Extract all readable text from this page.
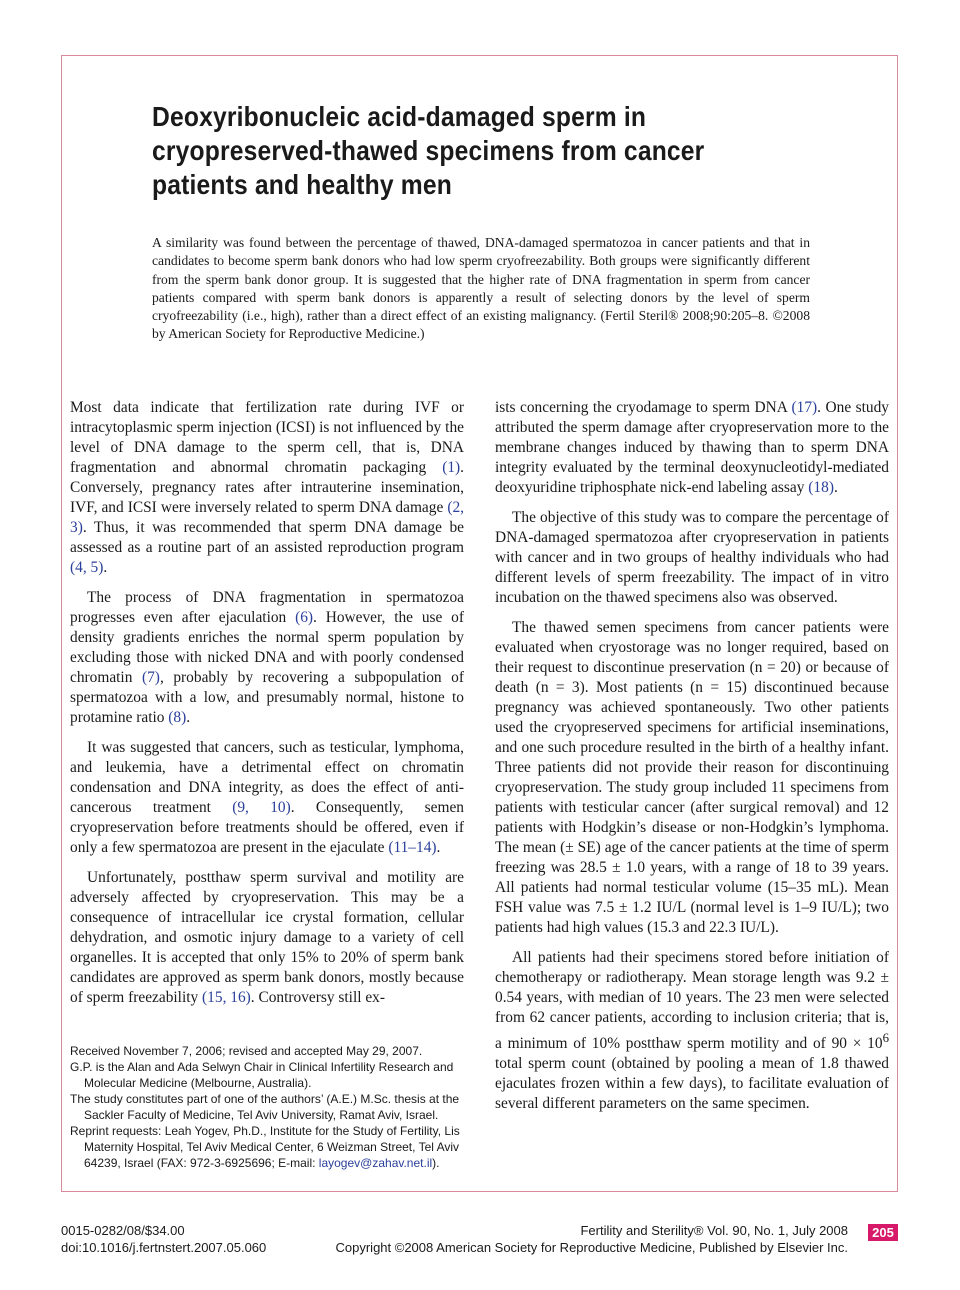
Deoxyribonucleic acid-damaged sperm in
cryopreserved-thawed specimens from cancer
patients and healthy men

A similarity was found between the percentage of thawed, DNA-damaged spermatozoa in cancer patients and that in candidates to become sperm bank donors who had low sperm cryofreezability. Both groups were significantly different from the sperm bank donor group. It is suggested that the higher rate of DNA fragmentation in sperm from cancer patients compared with sperm bank donors is apparently a result of selecting donors by the level of sperm cryofreezability (i.e., high), rather than a direct effect of an existing malignancy. (Fertil Steril® 2008;90:205–8. ©2008 by American Society for Reproductive Medicine.)

Most data indicate that fertilization rate during IVF or intracytoplasmic sperm injection (ICSI) is not influenced by the level of DNA damage to the sperm cell, that is, DNA fragmentation and abnormal chromatin packaging (1). Conversely, pregnancy rates after intrauterine insemination, IVF, and ICSI were inversely related to sperm DNA damage (2, 3). Thus, it was recommended that sperm DNA damage be assessed as a routine part of an assisted reproduction program (4, 5).

The process of DNA fragmentation in spermatozoa progresses even after ejaculation (6). However, the use of density gradients enriches the normal sperm population by excluding those with nicked DNA and with poorly condensed chromatin (7), probably by recovering a subpopulation of spermatozoa with a low, and presumably normal, histone to protamine ratio (8).

It was suggested that cancers, such as testicular, lymphoma, and leukemia, have a detrimental effect on chromatin condensation and DNA integrity, as does the effect of anti-cancerous treatment (9, 10). Consequently, semen cryopreservation before treatments should be offered, even if only a few spermatozoa are present in the ejaculate (11–14).

Unfortunately, postthaw sperm survival and motility are adversely affected by cryopreservation. This may be a consequence of intracellular ice crystal formation, cellular dehydration, and osmotic injury damage to a variety of cell organelles. It is accepted that only 15% to 20% of sperm bank candidates are approved as sperm bank donors, mostly because of sperm freezability (15, 16). Controversy still ex-

Received November 7, 2006; revised and accepted May 29, 2007.

G.P. is the Alan and Ada Selwyn Chair in Clinical Infertility Research and Molecular Medicine (Melbourne, Australia).

The study constitutes part of one of the authors’ (A.E.) M.Sc. thesis at the Sackler Faculty of Medicine, Tel Aviv University, Ramat Aviv, Israel.

Reprint requests: Leah Yogev, Ph.D., Institute for the Study of Fertility, Lis Maternity Hospital, Tel Aviv Medical Center, 6 Weizman Street, Tel Aviv 64239, Israel (FAX: 972-3-6925696; E-mail: layogev@zahav.net.il).

ists concerning the cryodamage to sperm DNA (17). One study attributed the sperm damage after cryopreservation more to the membrane changes induced by thawing than to sperm DNA integrity evaluated by the terminal deoxynucleotidyl-mediated deoxyuridine triphosphate nick-end labeling assay (18).

The objective of this study was to compare the percentage of DNA-damaged spermatozoa after cryopreservation in patients with cancer and in two groups of healthy individuals who had different levels of sperm freezability. The impact of in vitro incubation on the thawed specimens also was observed.

The thawed semen specimens from cancer patients were evaluated when cryostorage was no longer required, based on their request to discontinue preservation (n = 20) or because of death (n = 3). Most patients (n = 15) discontinued because pregnancy was achieved spontaneously. Two other patients used the cryopreserved specimens for artificial inseminations, and one such procedure resulted in the birth of a healthy infant. Three patients did not provide their reason for discontinuing cryopreservation. The study group included 11 specimens from patients with testicular cancer (after surgical removal) and 12 patients with Hodgkin’s disease or non-Hodgkin’s lymphoma. The mean (± SE) age of the cancer patients at the time of sperm freezing was 28.5 ± 1.0 years, with a range of 18 to 39 years. All patients had normal testicular volume (15–35 mL). Mean FSH value was 7.5 ± 1.2 IU/L (normal level is 1–9 IU/L); two patients had high values (15.3 and 22.3 IU/L).

All patients had their specimens stored before initiation of chemotherapy or radiotherapy. Mean storage length was 9.2 ± 0.54 years, with median of 10 years. The 23 men were selected from 62 cancer patients, according to inclusion criteria; that is, a minimum of 10% postthaw sperm motility and of $90 \times 10^6$ total sperm count (obtained by pooling a mean of 1.8 thawed ejaculates frozen within a few days), to facilitate evaluation of several different parameters on the same specimen.

0015-0282/08/$34.00
doi:10.1016/j.fertnstert.2007.05.060
Fertility and Sterility® Vol. 90, No. 1, July 2008
Copyright ©2008 American Society for Reproductive Medicine, Published by Elsevier Inc.
205
